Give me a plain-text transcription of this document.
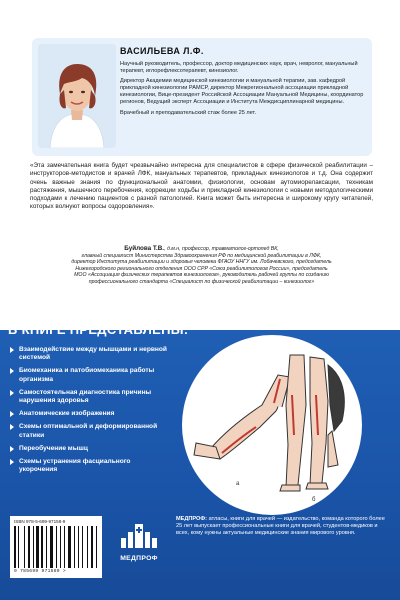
ВАСИЛЬЕВА Л.Ф.

Научный руководитель, профессор, доктор медицинских наук, врач, невролог, мануальный терапевт, иглорефлексотерапевт, кинезиолог.

Директор Академии медицинской кинезиологии и мануальной терапии, зав. кафедрой прикладной кинезиологии РАМСР, директор Межрегиональной ассоциации прикладной кинезиологии, Вице-президент Российской Ассоциации Мануальной Медицины, координатор регионов, Ведущий эксперт Ассоциации и Института Междисциплинарной медицины.

Врачебный и преподавательский стаж более 25 лет.

«Эта замечательная книга будет чрезвычайно интересна для специалистов в сфере физической реабилитации – инструкторов-методистов и врачей ЛФК, мануальных терапевтов, прикладных кинезиологов и т.д. Она содержит очень важные знания по функциональной анатомии, физиологии, основам аутомиорелаксации, техникам растяжения, мышечного перебочения, коррекции ходьбы и прикладной кинезиологии с новыми методологическими подходами к лечению пациентов с разной патологией. Книга может быть интересна и широкому кругу читателей, которых волнуют вопросы оздоровления».
Буйлова Т.В., д.м.н, профессор, травматолог-ортопед ВК,
главный специалист Министерства Здравоохранения РФ по медицинской реабилитации в ЛФК,
директор Института реабилитации и здоровья человека ФГАОУ ННГУ им. Лобачевского, председатель
Нижегородского регионального отделения ООО СРР «Союз реабилитологов России», председатель
МОО «Ассоциация физических терапевтов кинезиологов», руководитель рабочей группы по созданию
профессионального стандарта «Специалист по физической реабилитации – кинезиолог»
В КНИГЕ ПРЕДСТАВЛЕНЫ:
Взаимодействие между мышцами и нервной системой
Биомеханика и патобиомеханика работы организма
Самостоятельная диагностика причины нарушения здоровья
Анатомические изображения
Схемы оптимальной и деформированной статики
Переобучение мышц
Схемы устранения фасциального укорочения
a
б
ISBN 978-5-699-97158-9
9 785699 971589 >
МЕДПРОФ
МЕДПРОФ: атласы, книги для врачей — издательство, команда которого более 25 лет выпускает профессиональные книги для врачей, студентов-медиков и всех, кому нужны актуальные медицинские знания мирового уровня.
